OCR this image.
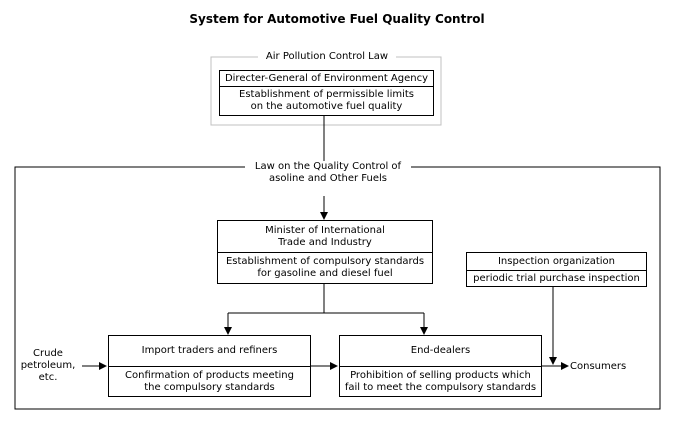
System for Automotive Fuel Quality Control
Air Pollution Control Law
Directer-General of Environment Agency
Establishment of permissible limits
on the automotive fuel quality
Law on the Quality Control of
asoline and Other Fuels
Minister of International
Trade and Industry
Establishment of compulsory standards
for gasoline and diesel fuel
Inspection organization
periodic trial purchase inspection
Import traders and refiners
Confirmation of products meeting
the compulsory standards
End-dealers
Prohibition of selling products which
fail to meet the compulsory standards
Crude
petroleum,
etc.
Consumers
